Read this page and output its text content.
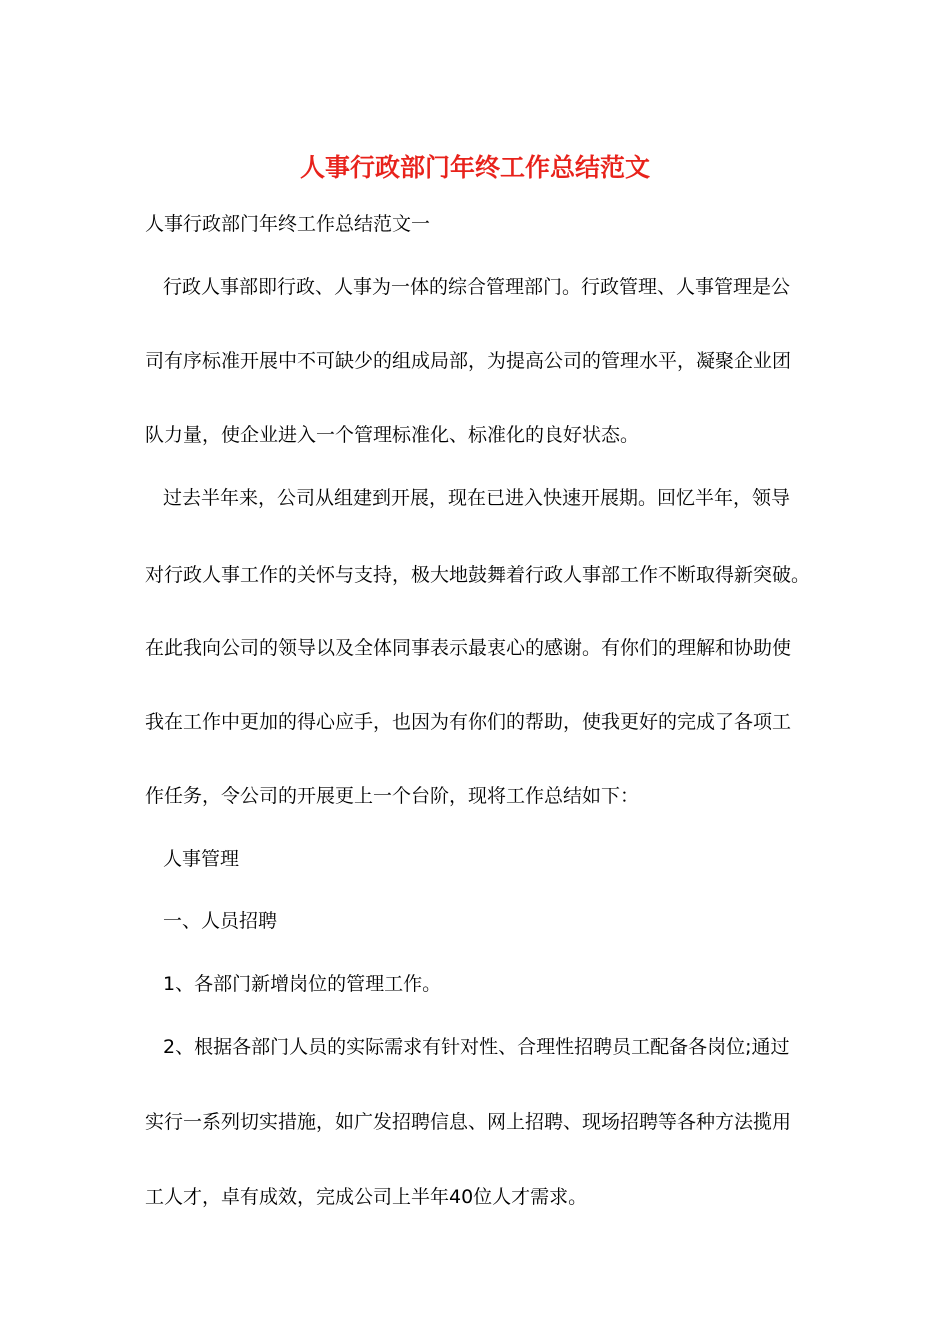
人事行政部门年终工作总结范文
人事行政部门年终工作总结范文一
行政人事部即行政、人事为一体的综合管理部门。行政管理、人事管理是公
司有序标准开展中不可缺少的组成局部，为提高公司的管理水平，凝聚企业团
队力量，使企业进入一个管理标准化、标准化的良好状态。
过去半年来，公司从组建到开展，现在已进入快速开展期。回忆半年，领导
对行政人事工作的关怀与支持，极大地鼓舞着行政人事部工作不断取得新突破。
在此我向公司的领导以及全体同事表示最衷心的感谢。有你们的理解和协助使
我在工作中更加的得心应手，也因为有你们的帮助，使我更好的完成了各项工
作任务，令公司的开展更上一个台阶，现将工作总结如下：
人事管理
一、人员招聘
1、各部门新增岗位的管理工作。
2、根据各部门人员的实际需求有针对性、合理性招聘员工配备各岗位;通过
实行一系列切实措施，如广发招聘信息、网上招聘、现场招聘等各种方法揽用
工人才，卓有成效，完成公司上半年40位人才需求。
